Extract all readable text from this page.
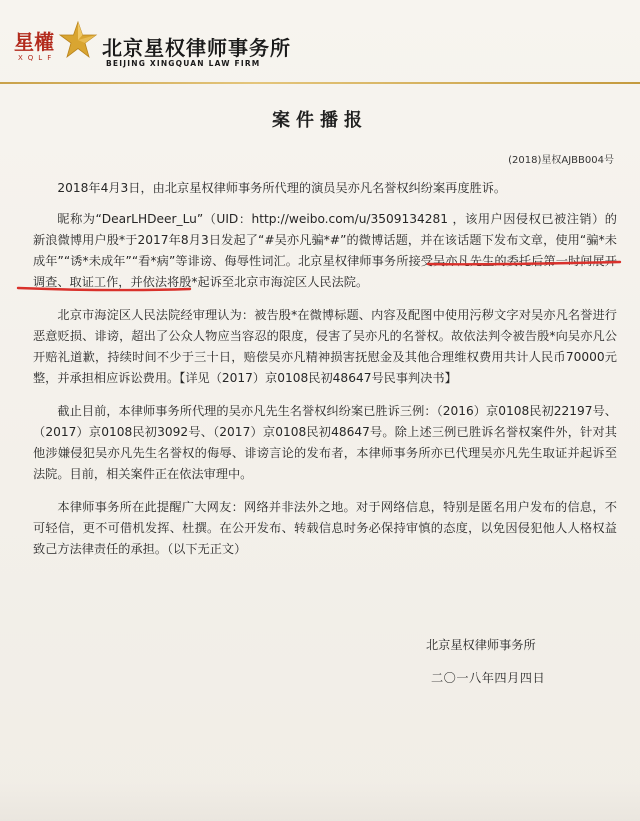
星權
XQLF 北京星权律师事务所
BEIJING XINGQUAN LAW FIRM
案件播报
(2018)星权AJBB004号

2018年4月3日，由北京星权律师事务所代理的演员吴亦凡名誉权纠纷案再度胜诉。

昵称为“DearLHDeer_Lu”（UID：http://weibo.com/u/3509134281 ，该用户因侵权已被注销）的新浪微博用户殷*于2017年8月3日发起了“#吴亦凡骗*#”的微博话题，并在该话题下发布文章，使用“骗*未成年”“诱*未成年”“看*病”等诽谤、侮辱性词汇。北京星权律师事务所接受吴亦凡先生的委托后第一时间展开调查、取证工作，并依法将殷*起诉至北京市海淀区人民法院。

北京市海淀区人民法院经审理认为：被告殷*在微博标题、内容及配图中使用污秽文字对吴亦凡名誉进行恶意贬损、诽谤，超出了公众人物应当容忍的限度，侵害了吴亦凡的名誉权。故依法判令被告殷*向吴亦凡公开赔礼道歉，持续时间不少于三十日，赔偿吴亦凡精神损害抚慰金及其他合理维权费用共计人民币70000元整，并承担相应诉讼费用。【详见（2017）京0108民初48647号民事判决书】

截止目前，本律师事务所代理的吴亦凡先生名誉权纠纷案已胜诉三例：（2016）京0108民初22197号、（2017）京0108民初3092号、（2017）京0108民初48647号。除上述三例已胜诉名誉权案件外，针对其他涉嫌侵犯吴亦凡先生名誉权的侮辱、诽谤言论的发布者，本律师事务所亦已代理吴亦凡先生取证并起诉至法院。目前，相关案件正在依法审理中。

本律师事务所在此提醒广大网友：网络并非法外之地。对于网络信息，特别是匿名用户发布的信息，不可轻信，更不可借机发挥、杜撰。在公开发布、转载信息时务必保持审慎的态度，以免因侵犯他人人格权益致己方法律责任的承担。（以下无正文）

北京星权律师事务所
二〇一八年四月四日
